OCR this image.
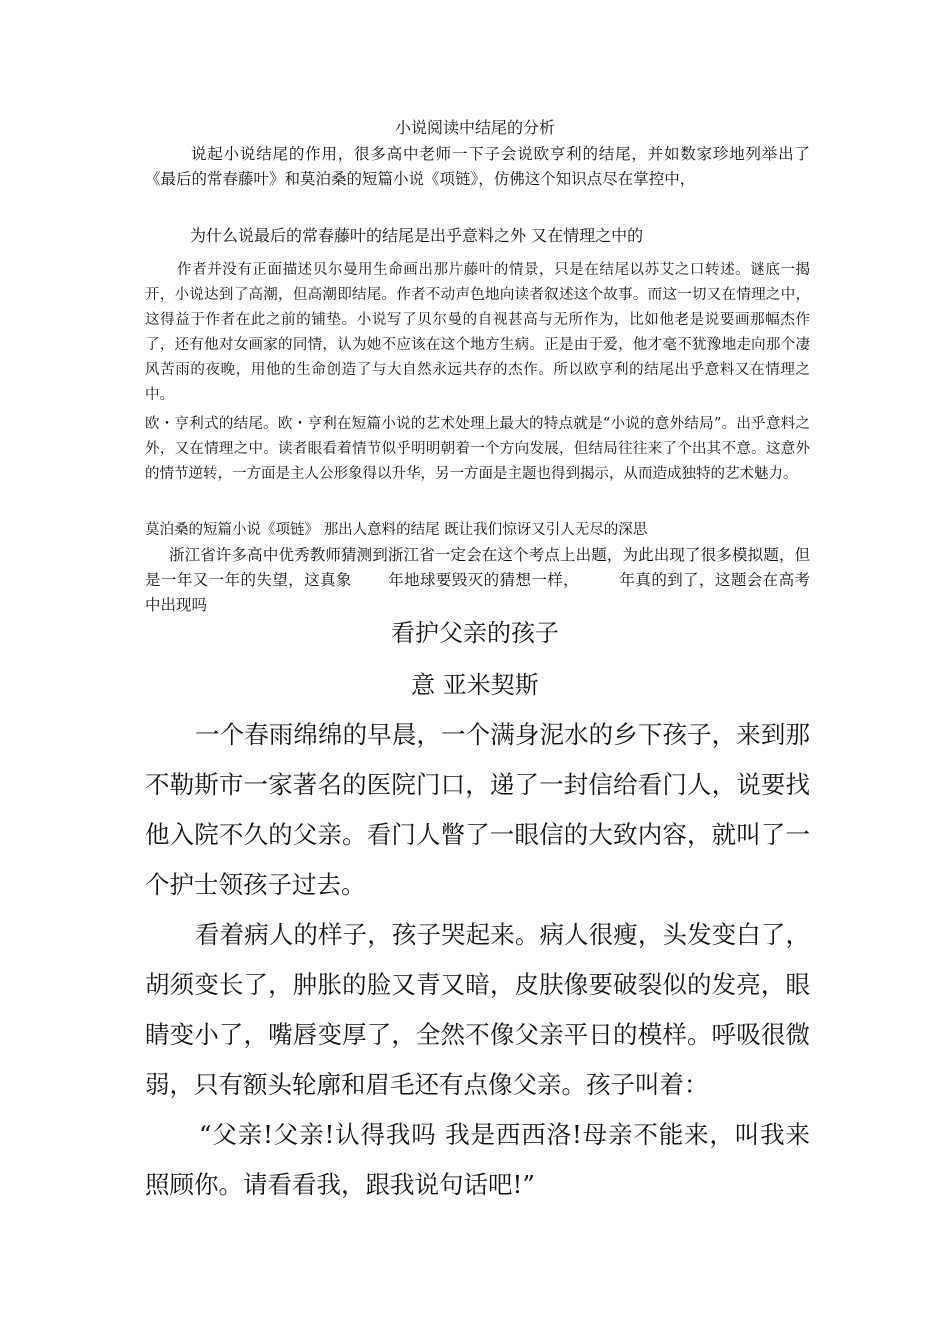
小说阅读中结尾的分析

说起小说结尾的作用，很多高中老师一下子会说欧亨利的结尾，并如数家珍地列举出了《最后的常春藤叶》和莫泊桑的短篇小说《项链》，仿佛这个知识点尽在掌控中，

为什么说最后的常春藤叶的结尾是出乎意料之外 又在情理之中的

作者并没有正面描述贝尔曼用生命画出那片藤叶的情景，只是在结尾以苏艾之口转述。谜底一揭开，小说达到了高潮，但高潮即结尾。作者不动声色地向读者叙述这个故事。而这一切又在情理之中，这得益于作者在此之前的铺垫。小说写了贝尔曼的自视甚高与无所作为，比如他老是说要画那幅杰作了，还有他对女画家的同情，认为她不应该在这个地方生病。正是由于爱，他才毫不犹豫地走向那个凄风苦雨的夜晚，用他的生命创造了与大自然永远共存的杰作。所以欧亨利的结尾出乎意料又在情理之中。

欧・亨利式的结尾。欧・亨利在短篇小说的艺术处理上最大的特点就是“小说的意外结局”。出乎意料之外，又在情理之中。读者眼看着情节似乎明明朝着一个方向发展，但结局往往来了个出其不意。这意外的情节逆转，一方面是主人公形象得以升华，另一方面是主题也得到揭示，从而造成独特的艺术魅力。

莫泊桑的短篇小说《项链》 那出人意料的结尾 既让我们惊讶又引人无尽的深思

浙江省许多高中优秀教师猜测到浙江省一定会在这个考点上出题，为此出现了很多模拟题，但是一年又一年的失望，这真象 年地球要毁灭的猜想一样，	年真的到了，这题会在高考中出现吗

看护父亲的孩子
意 亚米契斯

一个春雨绵绵的早晨，一个满身泥水的乡下孩子，来到那不勒斯市一家著名的医院门口，递了一封信给看门人，说要找他入院不久的父亲。看门人瞥了一眼信的大致内容，就叫了一个护士领孩子过去。

看着病人的样子，孩子哭起来。病人很瘦，头发变白了，胡须变长了，肿胀的脸又青又暗，皮肤像要破裂似的发亮，眼睛变小了，嘴唇变厚了，全然不像父亲平日的模样。呼吸很微弱，只有额头轮廓和眉毛还有点像父亲。孩子叫着：

“父亲!父亲!认得我吗 我是西西洛!母亲不能来，叫我来照顾你。请看看我，跟我说句话吧!”
